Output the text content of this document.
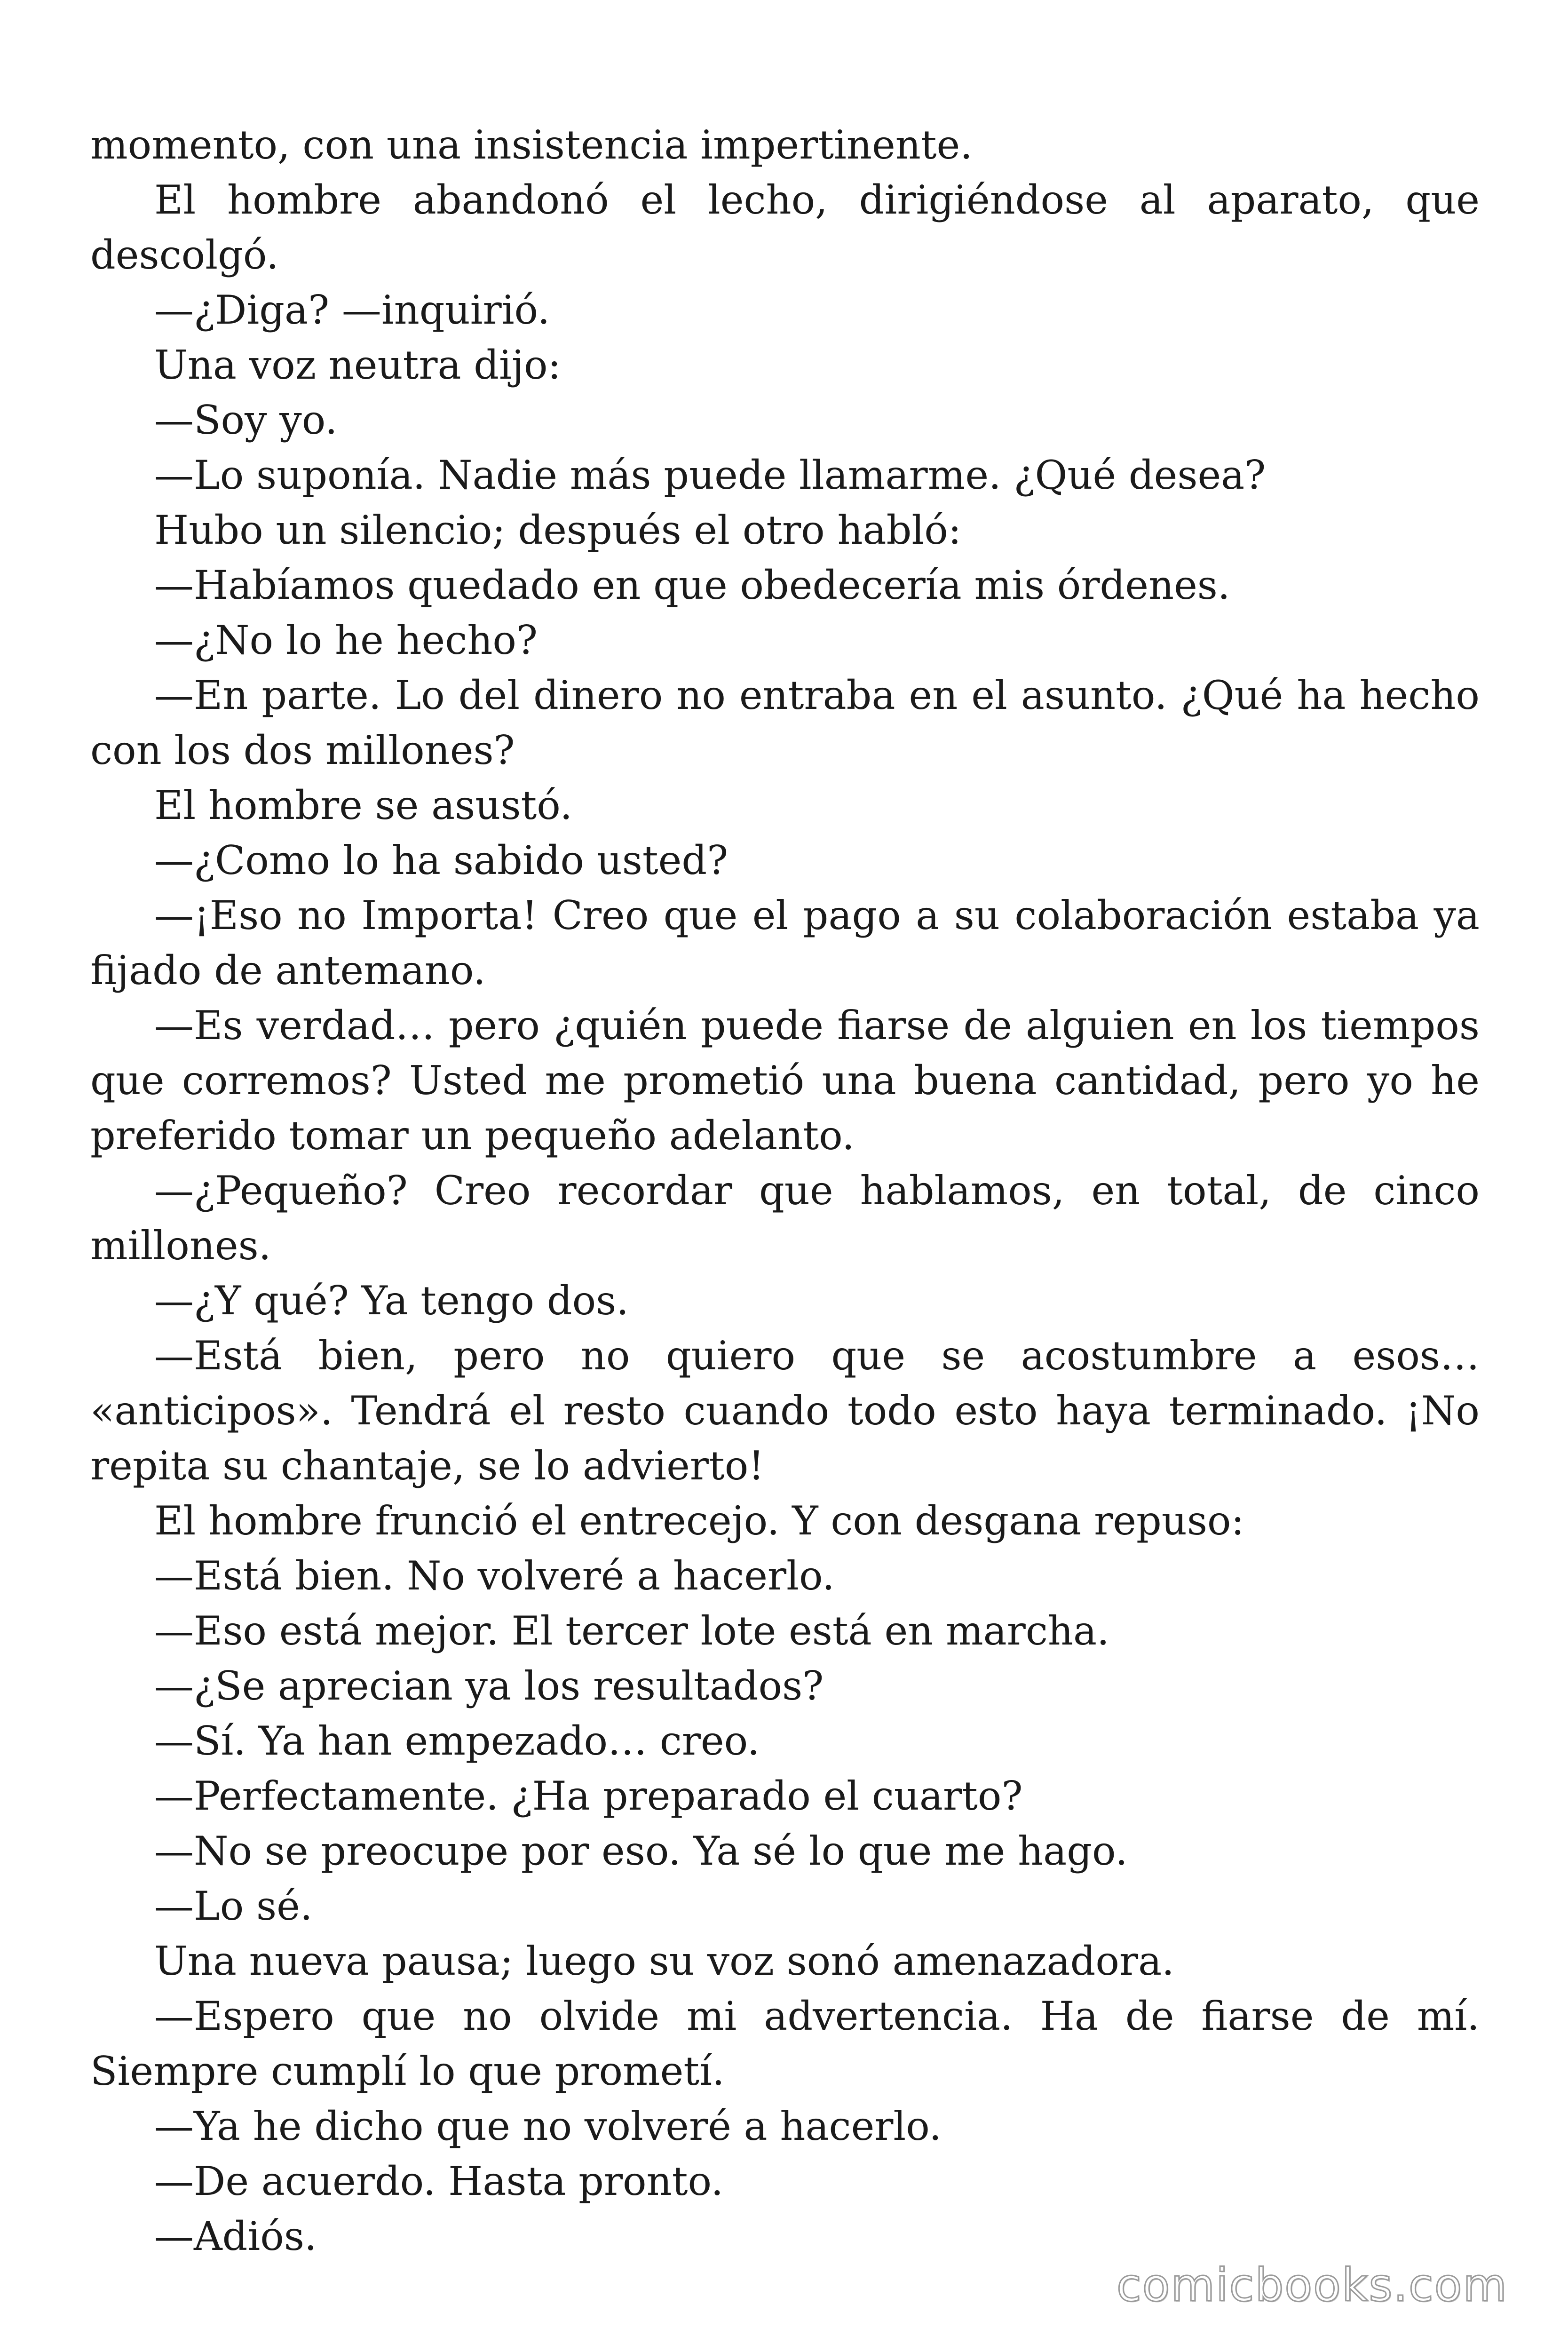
momento, con una insistencia impertinente.

El hombre abandonó el lecho, dirigiéndose al aparato, que descolgó.

—¿Diga? —inquirió.

Una voz neutra dijo:

—Soy yo.

—Lo suponía. Nadie más puede llamarme. ¿Qué desea?

Hubo un silencio; después el otro habló:

—Habíamos quedado en que obedecería mis órdenes.

—¿No lo he hecho?

—En parte. Lo del dinero no entraba en el asunto. ¿Qué ha hecho con los dos millones?

El hombre se asustó.

—¿Como lo ha sabido usted?

—¡Eso no Importa! Creo que el pago a su colaboración estaba ya fijado de antemano.

—Es verdad… pero ¿quién puede fiarse de alguien en los tiempos que corremos? Usted me prometió una buena cantidad, pero yo he preferido tomar un pequeño adelanto.

—¿Pequeño? Creo recordar que hablamos, en total, de cinco millones.

—¿Y qué? Ya tengo dos.

—Está bien, pero no quiero que se acostumbre a esos… «anticipos». Tendrá el resto cuando todo esto haya terminado. ¡No repita su chantaje, se lo advierto!

El hombre frunció el entrecejo. Y con desgana repuso:

—Está bien. No volveré a hacerlo.

—Eso está mejor. El tercer lote está en marcha.

—¿Se aprecian ya los resultados?

—Sí. Ya han empezado… creo.

—Perfectamente. ¿Ha preparado el cuarto?

—No se preocupe por eso. Ya sé lo que me hago.

—Lo sé.

Una nueva pausa; luego su voz sonó amenazadora.

—Espero que no olvide mi advertencia. Ha de fiarse de mí. Siempre cumplí lo que prometí.

—Ya he dicho que no volveré a hacerlo.

—De acuerdo. Hasta pronto.

—Adiós.

comicbooks.com
